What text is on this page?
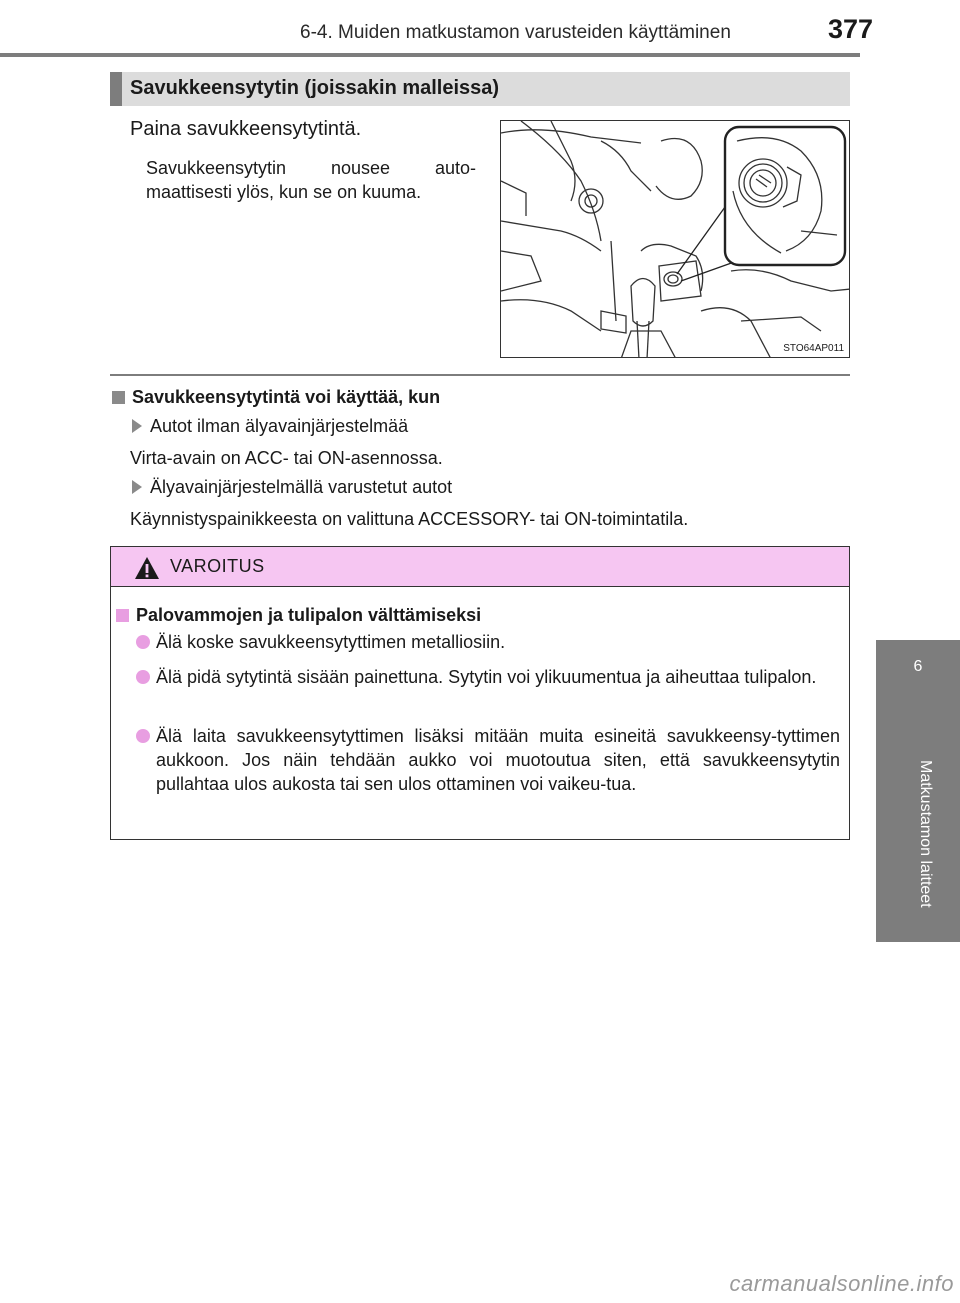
6-4. Muiden matkustamon varusteiden käyttäminen	377
6
Matkustamon laitteet
Savukkeensytytin (joissakin malleissa)
Paina savukkeensytytintä.
Savukkeensytytin nousee auto-maattisesti ylös, kun se on kuuma.
STO64AP011
Savukkeensytytintä voi käyttää, kun
Autot ilman älyavainjärjestelmää
Virta-avain on ACC- tai ON-asennossa.
Älyavainjärjestelmällä varustetut autot
Käynnistyspainikkeesta on valittuna ACCESSORY- tai ON-toimintatila.
VAROITUS
Palovammojen ja tulipalon välttämiseksi
Älä koske savukkeensytyttimen metalliosiin.
Älä pidä sytytintä sisään painettuna. Sytytin voi ylikuumentua ja aiheuttaa tulipalon.
Älä laita savukkeensytyttimen lisäksi mitään muita esineitä savukkeensy-tyttimen aukkoon. Jos näin tehdään aukko voi muotoutua siten, että savukkeensytytin pullahtaa ulos aukosta tai sen ulos ottaminen voi vaikeu-tua.
carmanualsonline.info
